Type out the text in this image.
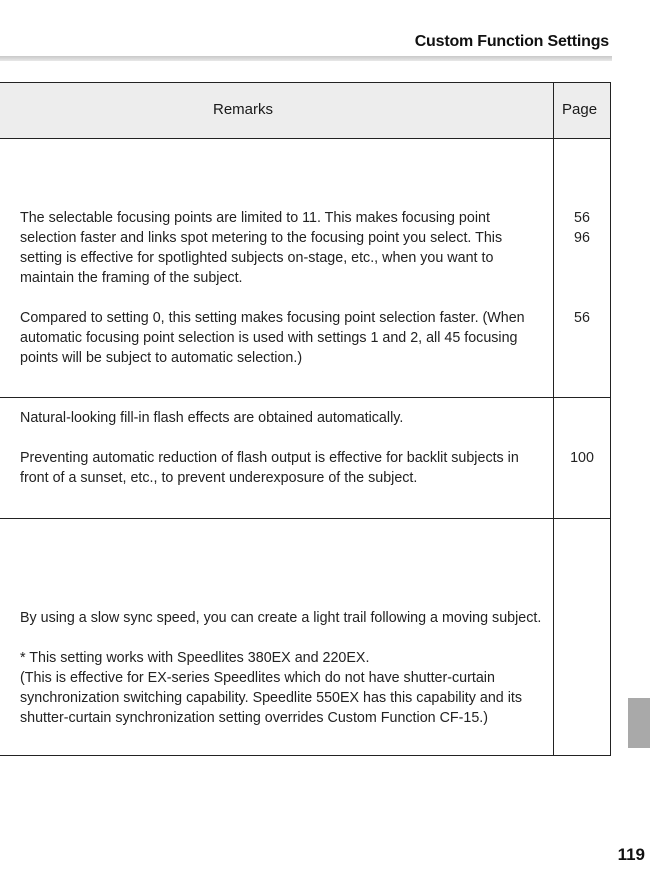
Custom Function Settings
Remarks	Page
The selectable focusing points are limited to 11. This makes focusing point selection faster and links spot metering to the focusing point you select. This setting is effective for spotlighted subjects on-stage, etc., when you want to maintain the framing of the subject.
Compared to setting 0, this setting makes focusing point selection faster. (When automatic focusing point selection is used with settings 1 and 2, all 45 focusing points will be subject to automatic selection.)
56
96
56
Natural-looking fill-in flash effects are obtained automatically.
Preventing automatic reduction of flash output is effective for backlit subjects in front of a sunset, etc., to prevent underexposure of the subject.
100
By using a slow sync speed, you can create a light trail following a moving subject.
* This setting works with Speedlites 380EX and 220EX.
(This is effective for EX-series Speedlites which do not have shutter-curtain synchronization switching capability. Speedlite 550EX has this capability and its shutter-curtain synchronization setting overrides Custom Function CF-15.)
119
